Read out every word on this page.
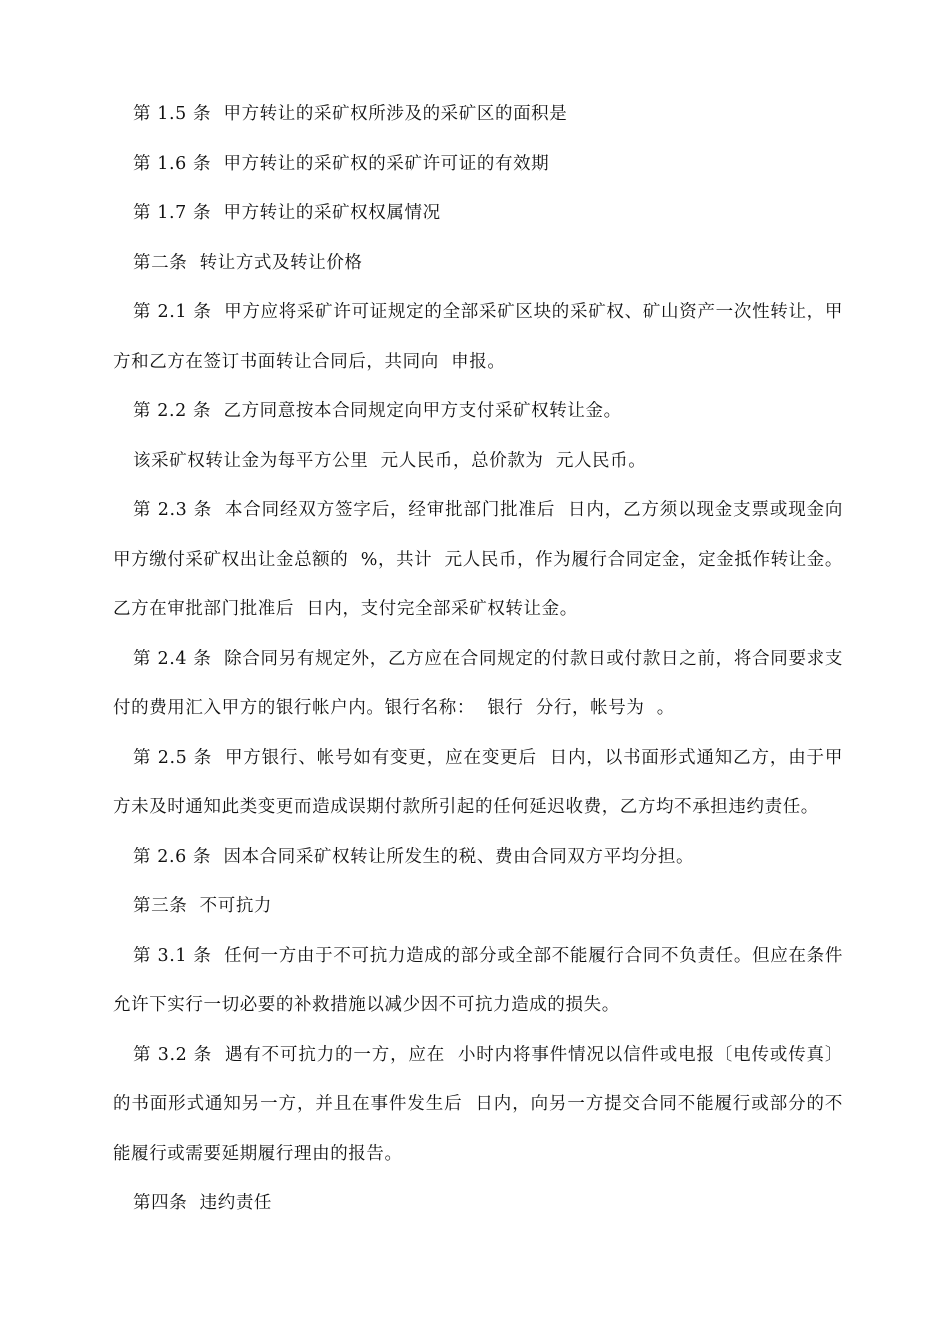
第 1.5 条  甲方转让的采矿权所涉及的采矿区的面积是

第 1.6 条  甲方转让的采矿权的采矿许可证的有效期

第 1.7 条  甲方转让的采矿权权属情况

第二条  转让方式及转让价格

第 2.1 条  甲方应将采矿许可证规定的全部采矿区块的采矿权、矿山资产一次性转让，甲方和乙方在签订书面转让合同后，共同向  申报。

第 2.2 条  乙方同意按本合同规定向甲方支付采矿权转让金。

该采矿权转让金为每平方公里  元人民币，总价款为  元人民币。

第 2.3 条  本合同经双方签字后，经审批部门批准后  日内，乙方须以现金支票或现金向甲方缴付采矿权出让金总额的  %，共计  元人民币，作为履行合同定金，定金抵作转让金。乙方在审批部门批准后  日内，支付完全部采矿权转让金。

第 2.4 条  除合同另有规定外，乙方应在合同规定的付款日或付款日之前，将合同要求支付的费用汇入甲方的银行帐户内。银行名称：  银行  分行，帐号为  。

第 2.5 条  甲方银行、帐号如有变更，应在变更后  日内，以书面形式通知乙方，由于甲方未及时通知此类变更而造成误期付款所引起的任何延迟收费，乙方均不承担违约责任。

第 2.6 条  因本合同采矿权转让所发生的税、费由合同双方平均分担。

第三条  不可抗力

第 3.1 条  任何一方由于不可抗力造成的部分或全部不能履行合同不负责任。但应在条件允许下实行一切必要的补救措施以减少因不可抗力造成的损失。

第 3.2 条  遇有不可抗力的一方，应在  小时内将事件情况以信件或电报〔电传或传真〕的书面形式通知另一方，并且在事件发生后  日内，向另一方提交合同不能履行或部分的不能履行或需要延期履行理由的报告。

第四条  违约责任
